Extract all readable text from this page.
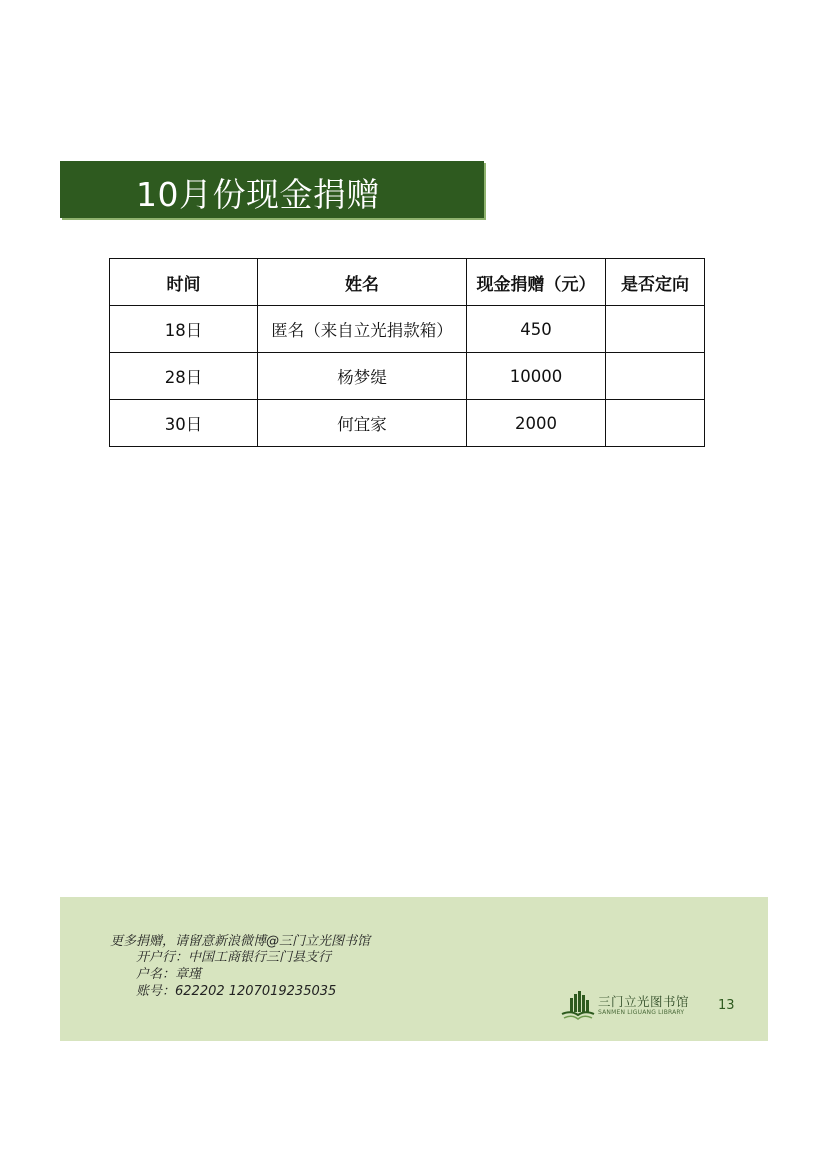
10月份现金捐赠
时间	姓名	现金捐赠（元）	是否定向
18日	匿名（来自立光捐款箱）	450	
28日	杨梦缇	10000	
30日	何宜家	2000	
更多捐赠，请留意新浪微博@三门立光图书馆
开户行：中国工商银行三门县支行
户名：章瑾
账号：622202 1207019235035
三门立光图书馆
SANMEN LIGUANG LIBRARY	13
